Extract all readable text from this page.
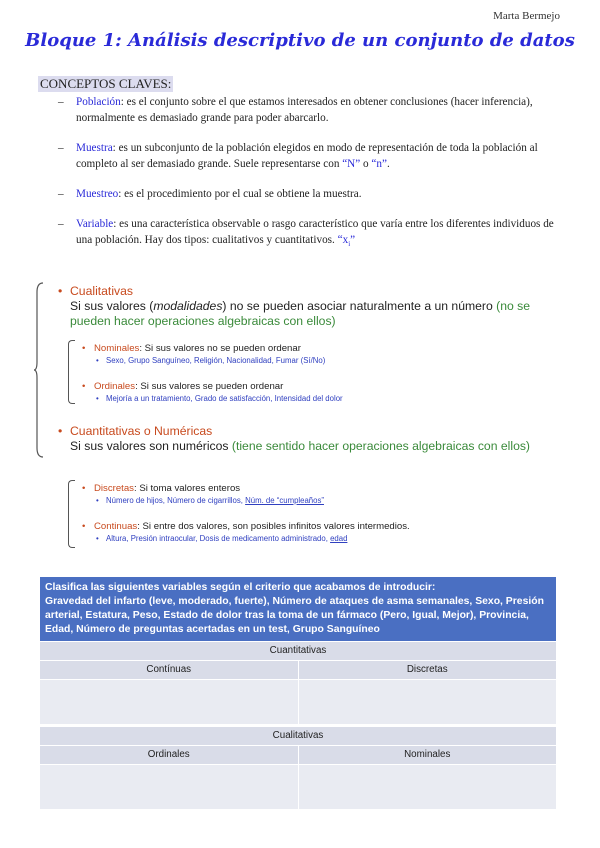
Marta Bermejo
Bloque 1: Análisis descriptivo de un conjunto de datos
CONCEPTOS CLAVES:
– Población: es el conjunto sobre el que estamos interesados en obtener conclusiones (hacer inferencia), normalmente es demasiado grande para poder abarcarlo.
– Muestra: es un subconjunto de la población elegidos en modo de representación de toda la población al completo al ser demasiado grande. Suele representarse con “N” o “n”.
– Muestreo: es el procedimiento por el cual se obtiene la muestra.
– Variable: es una característica observable o rasgo característico que varía entre los diferentes individuos de una población. Hay dos tipos: cualitativos y cuantitativos. “$x_i$”
• Cualitativas
Si sus valores (modalidades) no se pueden asociar naturalmente a un número (no se pueden hacer operaciones algebraicas con ellos)
• Nominales: Si sus valores no se pueden ordenar
• Sexo, Grupo Sanguíneo, Religión, Nacionalidad, Fumar (Sí/No)
• Ordinales: Si sus valores se pueden ordenar
• Mejoría a un tratamiento, Grado de satisfacción, Intensidad del dolor
• Cuantitativas o Numéricas
Si sus valores son numéricos (tiene sentido hacer operaciones algebraicas con ellos)
• Discretas: Si toma valores enteros
• Número de hijos, Número de cigarrillos, Núm. de “cumpleaños”
• Continuas: Si entre dos valores, son posibles infinitos valores intermedios.
• Altura, Presión intraocular, Dosis de medicamento administrado, edad
Clasifica las siguientes variables según el criterio que acabamos de introducir:
Gravedad del infarto (leve, moderado, fuerte), Número de ataques de asma semanales, Sexo, Presión arterial, Estatura, Peso, Estado de dolor tras la toma de un fármaco (Pero, Igual, Mejor), Provincia, Edad, Número de preguntas acertadas en un test, Grupo Sanguíneo
Cuantitativas
Contínuas	Discretas
Cualitativas
Ordinales	Nominales
